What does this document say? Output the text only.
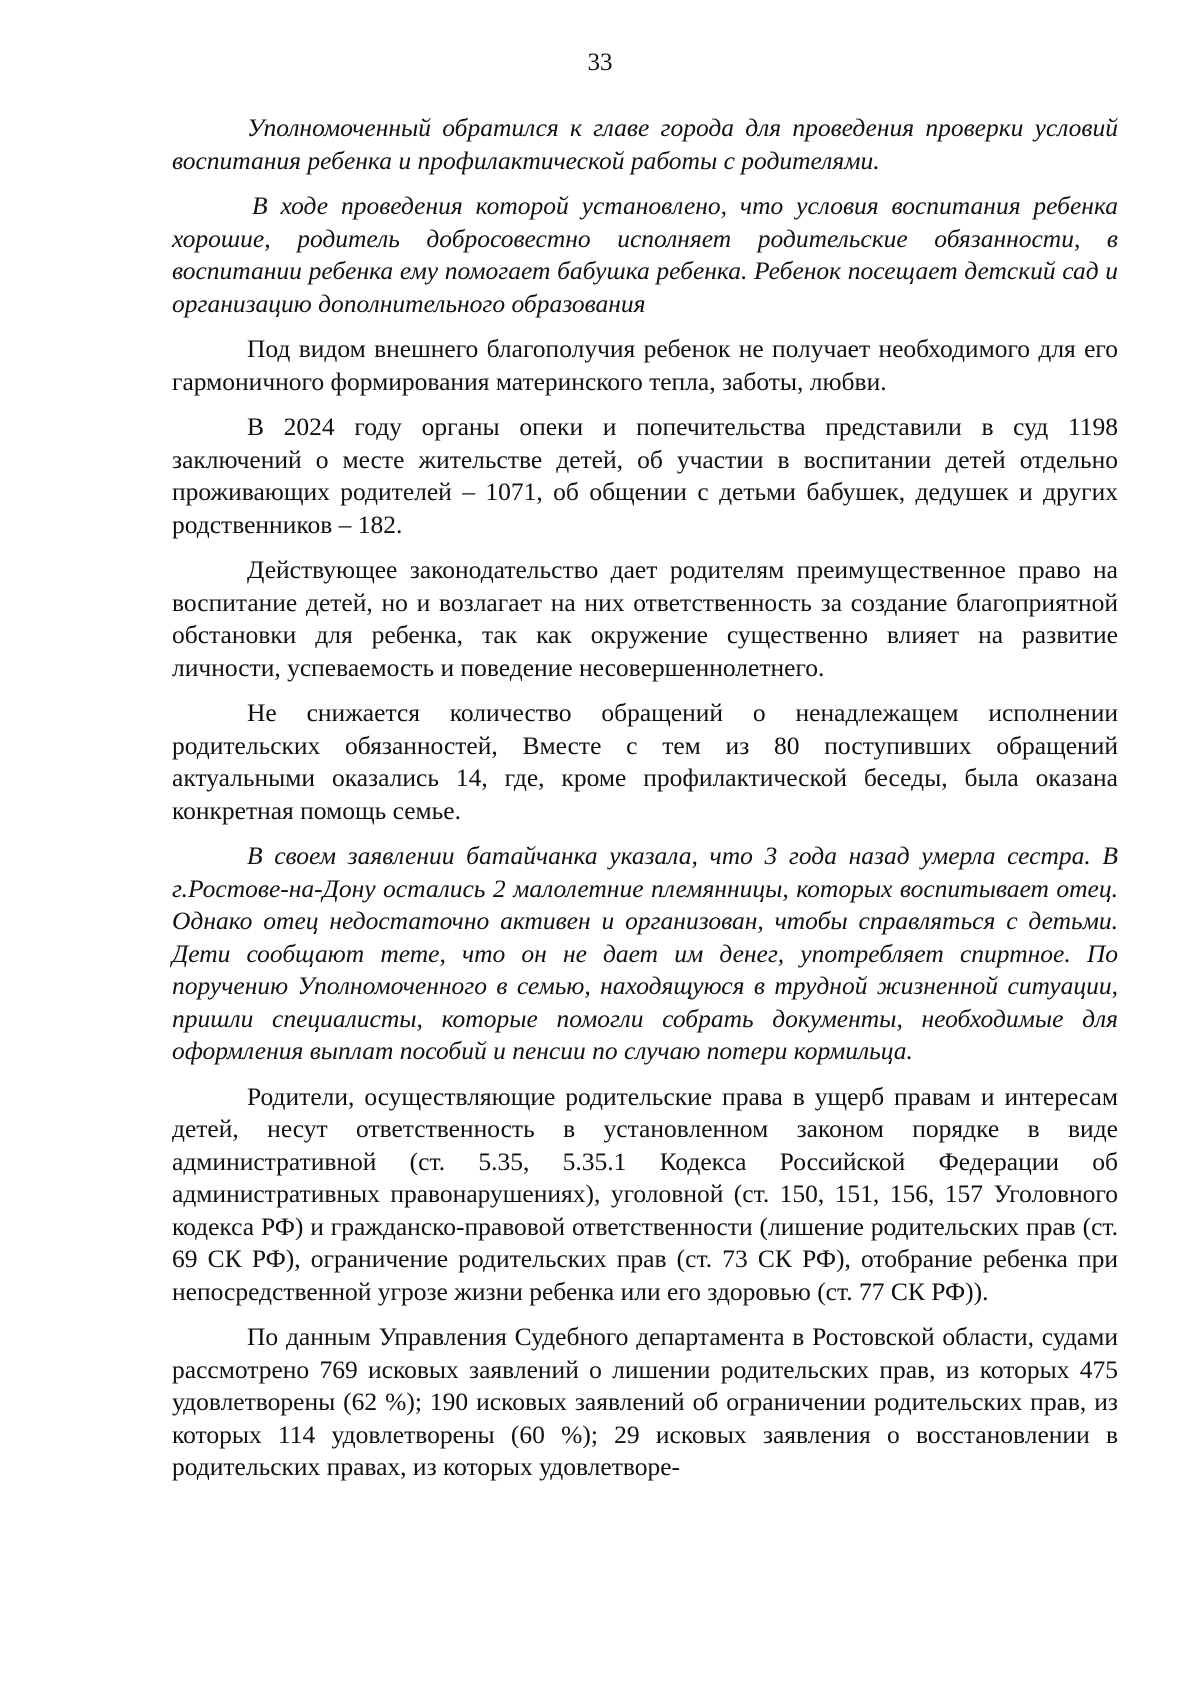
33

Уполномоченный обратился к главе города для проведения проверки условий воспитания ребенка и профилактической работы с родителями.

В ходе проведения которой установлено, что условия воспитания ребенка хорошие, родитель добросовестно исполняет родительские обязанности, в воспитании ребенка ему помогает бабушка ребенка. Ребенок посещает детский сад и организацию дополнительного образования

Под видом внешнего благополучия ребенок не получает необходимого для его гармоничного формирования материнского тепла, заботы, любви.

В 2024 году органы опеки и попечительства представили в суд 1198 заключений о месте жительстве детей, об участии в воспитании детей отдельно проживающих родителей – 1071, об общении с детьми бабушек, дедушек и других родственников – 182.

Действующее законодательство дает родителям преимущественное право на воспитание детей, но и возлагает на них ответственность за создание благоприятной обстановки для ребенка, так как окружение существенно влияет на развитие личности, успеваемость и поведение несовершеннолетнего.

Не снижается количество обращений о ненадлежащем исполнении родительских обязанностей, Вместе с тем из 80 поступивших обращений актуальными оказались 14, где, кроме профилактической беседы, была оказана конкретная помощь семье.

В своем заявлении батайчанка указала, что 3 года назад умерла сестра. В г.Ростове-на-Дону остались 2 малолетние племянницы, которых воспитывает отец. Однако отец недостаточно активен и организован, чтобы справляться с детьми. Дети сообщают тете, что он не дает им денег, употребляет спиртное. По поручению Уполномоченного в семью, находящуюся в трудной жизненной ситуации, пришли специалисты, которые помогли собрать документы, необходимые для оформления выплат пособий и пенсии по случаю потери кормильца.

Родители, осуществляющие родительские права в ущерб правам и интересам детей, несут ответственность в установленном законом порядке в виде административной (ст. 5.35, 5.35.1 Кодекса Российской Федерации об административных правонарушениях), уголовной (ст. 150, 151, 156, 157 Уголовного кодекса РФ) и гражданско-правовой ответственности (лишение родительских прав (ст. 69 СК РФ), ограничение родительских прав (ст. 73 СК РФ), отобрание ребенка при непосредственной угрозе жизни ребенка или его здоровью (ст. 77 СК РФ)).

По данным Управления Судебного департамента в Ростовской области, судами рассмотрено 769 исковых заявлений о лишении родительских прав, из которых 475 удовлетворены (62 %); 190 исковых заявлений об ограничении родительских прав, из которых 114 удовлетворены (60 %); 29 исковых заявления о восстановлении в родительских правах, из которых удовлетворе-
